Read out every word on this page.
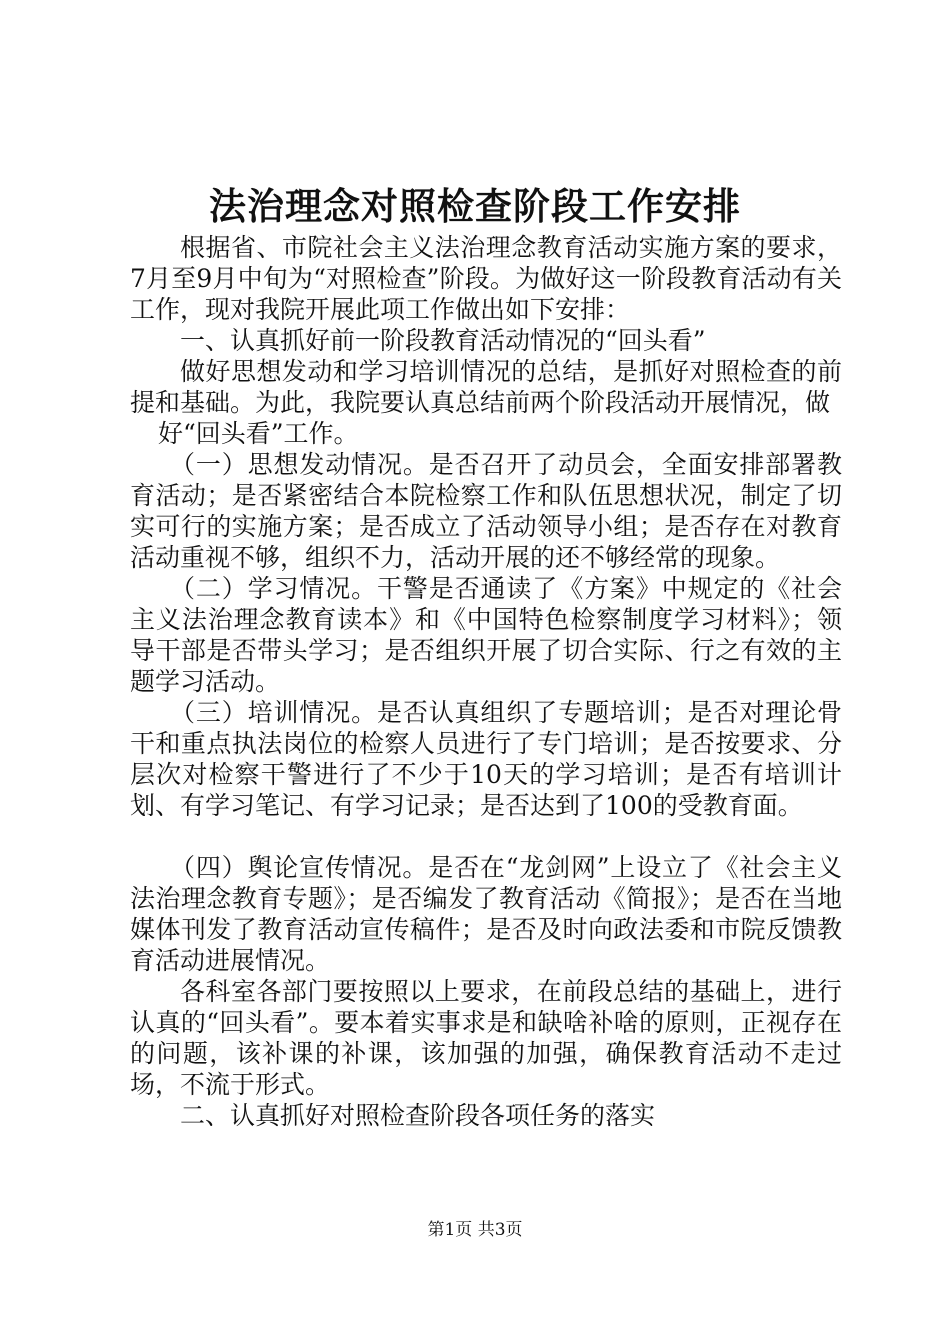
法治理念对照检查阶段工作安排

根据省、市院社会主义法治理念教育活动实施方案的要求，7月至9月中旬为“对照检查”阶段。为做好这一阶段教育活动有关工作，现对我院开展此项工作做出如下安排：

一、认真抓好前一阶段教育活动情况的“回头看”

做好思想发动和学习培训情况的总结，是抓好对照检查的前提和基础。为此，我院要认真总结前两个阶段活动开展情况，做

好“回头看”工作。

（一）思想发动情况。是否召开了动员会，全面安排部署教育活动；是否紧密结合本院检察工作和队伍思想状况，制定了切实可行的实施方案；是否成立了活动领导小组；是否存在对教育活动重视不够，组织不力，活动开展的还不够经常的现象。

（二）学习情况。干警是否通读了《方案》中规定的《社会主义法治理念教育读本》和《中国特色检察制度学习材料》；领导干部是否带头学习；是否组织开展了切合实际、行之有效的主题学习活动。

（三）培训情况。是否认真组织了专题培训；是否对理论骨干和重点执法岗位的检察人员进行了专门培训；是否按要求、分层次对检察干警进行了不少于10天的学习培训；是否有培训计划、有学习笔记、有学习记录；是否达到了100的受教育面。

（四）舆论宣传情况。是否在“龙剑网”上设立了《社会主义法治理念教育专题》；是否编发了教育活动《简报》；是否在当地媒体刊发了教育活动宣传稿件；是否及时向政法委和市院反馈教育活动进展情况。

各科室各部门要按照以上要求，在前段总结的基础上，进行认真的“回头看”。要本着实事求是和缺啥补啥的原则，正视存在的问题，该补课的补课，该加强的加强，确保教育活动不走过场，不流于形式。

二、认真抓好对照检查阶段各项任务的落实

第1页 共3页
